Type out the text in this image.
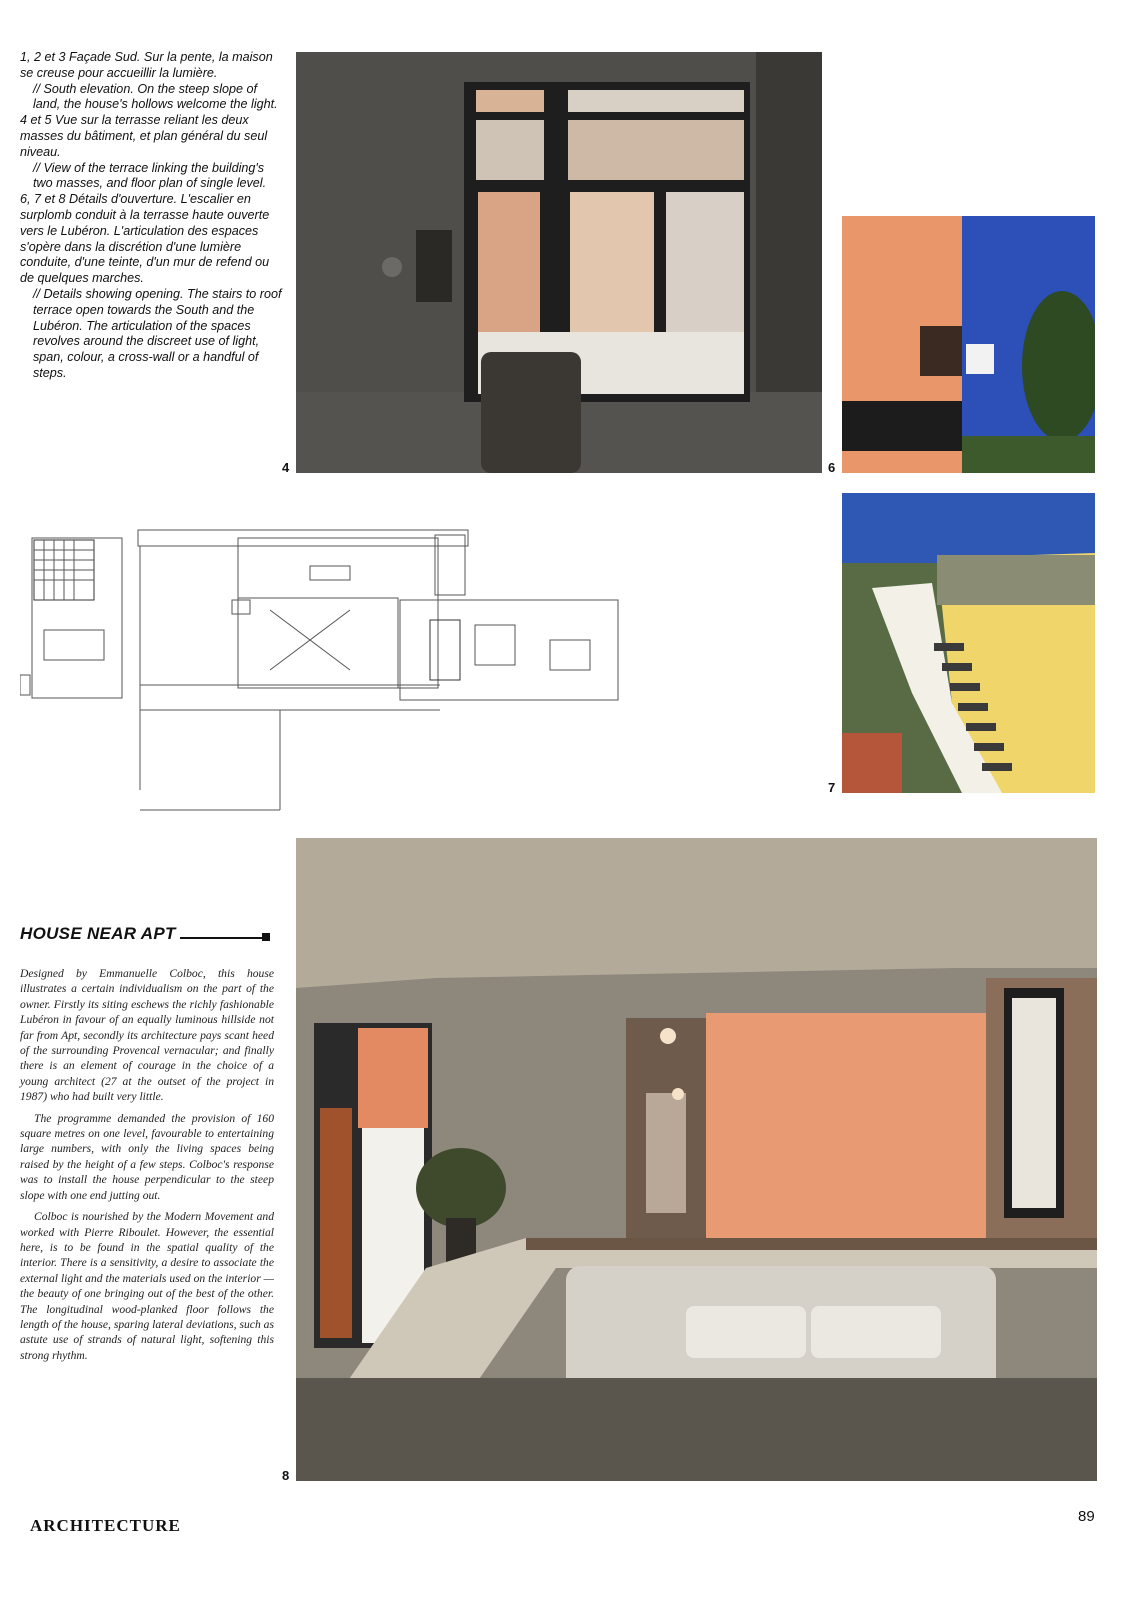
1, 2 et 3 Façade Sud. Sur la pente, la maison se creuse pour accueillir la lumière.
// South elevation. On the steep slope of land, the house's hollows welcome the light.

4 et 5 Vue sur la terrasse reliant les deux masses du bâtiment, et plan général du seul niveau.
// View of the terrace linking the building's two masses, and floor plan of single level.

6, 7 et 8 Détails d'ouverture. L'escalier en surplomb conduit à la terrasse haute ouverte vers le Lubéron. L'articulation des espaces s'opère dans la discrétion d'une lumière conduite, d'une teinte, d'un mur de refend ou de quelques marches.
// Details showing opening. The stairs to roof terrace open towards the South and the Lubéron. The articulation of the spaces revolves around the discreet use of light, span, colour, a cross-wall or a handful of steps.

4	6
7
8
HOUSE NEAR APT

Designed by Emmanuelle Colboc, this house illustrates a certain individualism on the part of the owner. Firstly its siting eschews the richly fashionable Lubéron in favour of an equally luminous hillside not far from Apt, secondly its architecture pays scant heed of the surrounding Provencal vernacular; and finally there is an element of courage in the choice of a young architect (27 at the outset of the project in 1987) who had built very little.

The programme demanded the provision of 160 square metres on one level, favourable to entertaining large numbers, with only the living spaces being raised by the height of a few steps. Colboc's response was to install the house perpendicular to the steep slope with one end jutting out.

Colboc is nourished by the Modern Movement and worked with Pierre Riboulet. However, the essential here, is to be found in the spatial quality of the interior. There is a sensitivity, a desire to associate the external light and the materials used on the interior — the beauty of one bringing out of the best of the other. The longitudinal wood-planked floor follows the length of the house, sparing lateral deviations, such as astute use of strands of natural light, softening this strong rhythm.

ARCHITECTURE	89
